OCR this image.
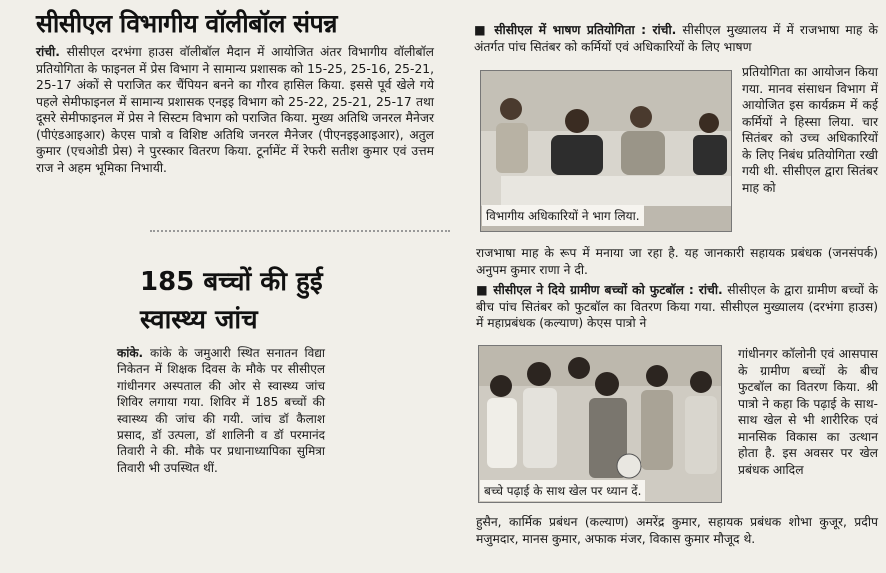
सीसीएल विभागीय वॉलीबॉल संपन्न
रांची. सीसीएल दरभंगा हाउस वॉलीबॉल मैदान में आयोजित अंतर विभागीय वॉलीबॉल प्रतियोगिता के फाइनल में प्रेस विभाग ने सामान्य प्रशासक को 15-25, 25-16, 25-21, 25-17 अंकों से पराजित कर चैंपियन बनने का गौरव हासिल किया. इससे पूर्व खेले गये पहले सेमीफाइनल में सामान्य प्रशासक एनइइ विभाग को 25-22, 25-21, 25-17 तथा दूसरे सेमीफाइनल में प्रेस ने सिस्टम विभाग को पराजित किया. मुख्य अतिथि जनरल मैनेजर (पीएंडआइआर) केएस पात्रो व विशिष्ट अतिथि जनरल मैनेजर (पीएनइइआइआर), अतुल कुमार (एचओडी प्रेस) ने पुरस्कार वितरण किया. टूर्नामेंट में रेफरी सतीश कुमार एवं उत्तम राज ने अहम भूमिका निभायी.
185 बच्चों की हुई
स्वास्थ्य जांच
कांके. कांके के जमुआरी स्थित सनातन विद्या निकेतन में शिक्षक दिवस के मौके पर सीसीएल गांधीनगर अस्पताल की ओर से स्वास्थ्य जांच शिविर लगाया गया. शिविर में 185 बच्चों की स्वास्थ्य की जांच की गयी. जांच डॉ कैलाश प्रसाद, डॉ उत्पला, डॉ शालिनी व डॉ परमानंद तिवारी ने की. मौके पर प्रधानाध्यापिका सुमित्रा तिवारी भी उपस्थित थीं.
■ सीसीएल में भाषण प्रतियोगिता : रांची. सीसीएल मुख्यालय में में राजभाषा माह के अंतर्गत पांच सितंबर को कर्मियों एवं अधिकारियों के लिए भाषण
विभागीय अधिकारियों ने भाग लिया.
प्रतियोगिता का आयोजन किया गया. मानव संसाधन विभाग में आयोजित इस कार्यक्रम में कई कर्मियों ने हिस्सा लिया. चार सितंबर को उच्च अधिकारियों के लिए निबंध प्रतियोगिता रखी गयी थी. सीसीएल द्वारा सितंबर माह को
राजभाषा माह के रूप में मनाया जा रहा है. यह जानकारी सहायक प्रबंधक (जनसंपर्क) अनुपम कुमार राणा ने दी.
■ सीसीएल ने दिये ग्रामीण बच्चों को फुटबॉल : रांची. सीसीएल के द्वारा ग्रामीण बच्चों के बीच पांच सितंबर को फुटबॉल का वितरण किया गया. सीसीएल मुख्यालय (दरभंगा हाउस) में महाप्रबंधक (कल्याण) केएस पात्रो ने
बच्चे पढ़ाई के साथ खेल पर ध्यान दें.
गांधीनगर कॉलोनी एवं आसपास के ग्रामीण बच्चों के बीच फुटबॉल का वितरण किया. श्री पात्रो ने कहा कि पढ़ाई के साथ-साथ खेल से भी शारीरिक एवं मानसिक विकास का उत्थान होता है. इस अवसर पर खेल प्रबंधक आदिल
हुसैन, कार्मिक प्रबंधन (कल्याण) अमरेंद्र कुमार, सहायक प्रबंधक शोभा कुजूर, प्रदीप मजुमदार, मानस कुमार, अफाक मंजर, विकास कुमार मौजूद थे.
